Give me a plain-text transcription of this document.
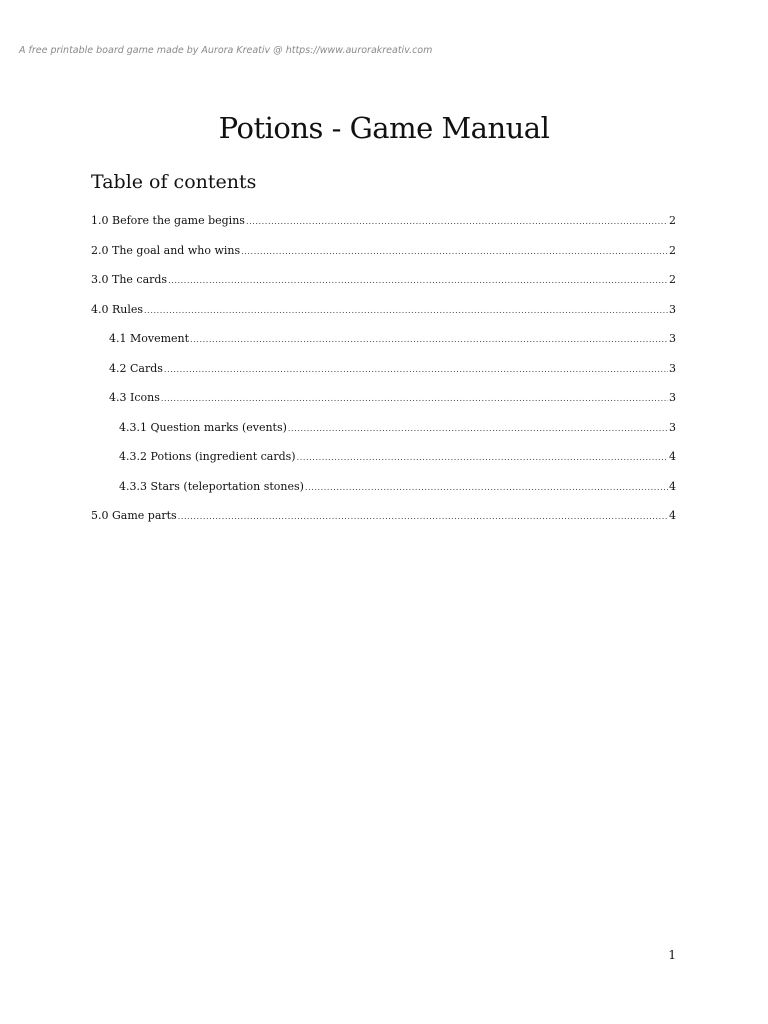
A free printable board game made by Aurora Kreativ @ https://www.aurorakreativ.com
Potions - Game Manual
Table of contents
1.0 Before the game begins .....	2
2.0 The goal and who wins .....	2
3.0 The cards .....	2
4.0 Rules .....	3
4.1 Movement .....	3
4.2 Cards .....	3
4.3 Icons .....	3
4.3.1 Question marks (events) .....	3
4.3.2 Potions (ingredient cards) .....	4
4.3.3 Stars (teleportation stones) .....	4
5.0 Game parts .....	4
1
